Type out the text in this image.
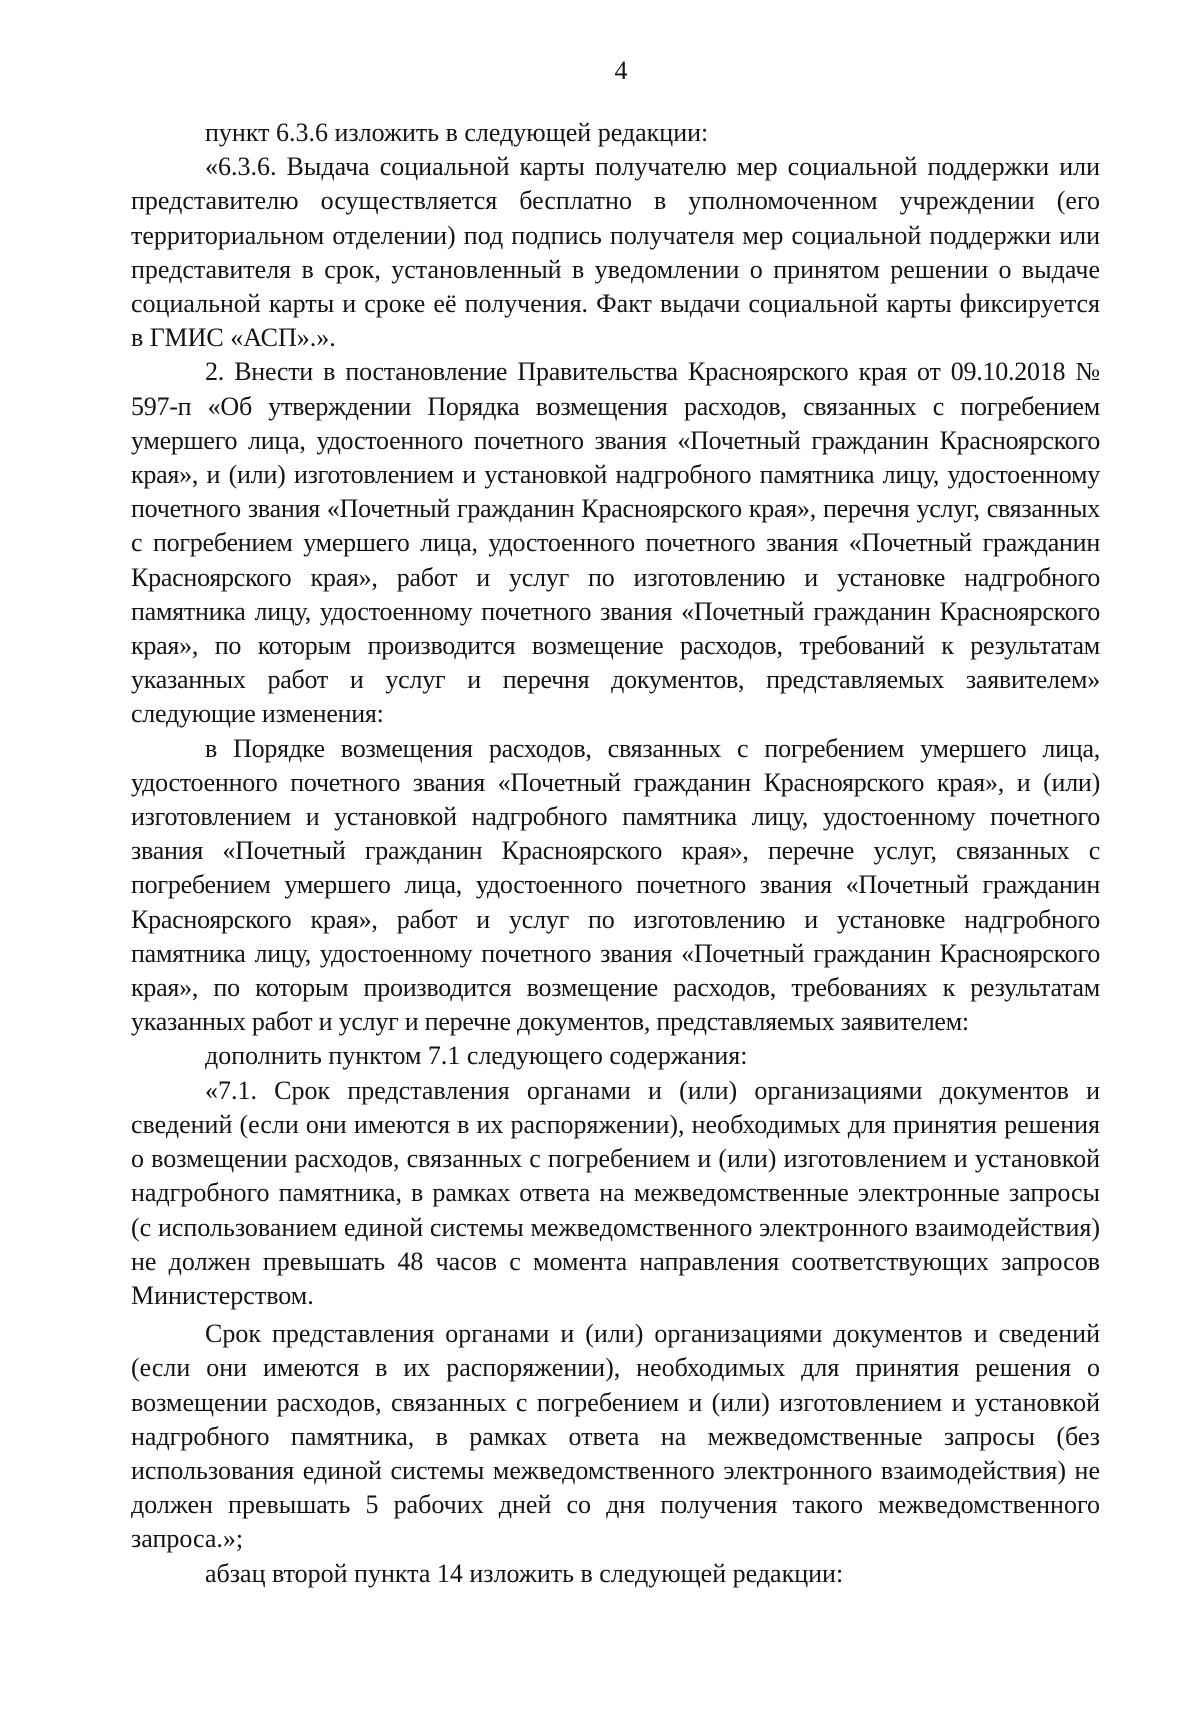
4

пункт 6.3.6 изложить в следующей редакции:

«6.3.6. Выдача социальной карты получателю мер социальной поддержки или представителю осуществляется бесплатно в уполномоченном учреждении (его территориальном отделении) под подпись получателя мер социальной поддержки или представителя в срок, установленный в уведомлении о принятом решении о выдаче социальной карты и сроке её получения. Факт выдачи социальной карты фиксируется в ГМИС «АСП».».

2. Внести в постановление Правительства Красноярского края от 09.10.2018 № 597-п «Об утверждении Порядка возмещения расходов, связанных с погребением умершего лица, удостоенного почетного звания «Почетный гражданин Красноярского края», и (или) изготовлением и установкой надгробного памятника лицу, удостоенному почетного звания «Почетный гражданин Красноярского края», перечня услуг, связанных с погребением умершего лица, удостоенного почетного звания «Почетный гражданин Красноярского края», работ и услуг по изготовлению и установке надгробного памятника лицу, удостоенному почетного звания «Почетный гражданин Красноярского края», по которым производится возмещение расходов, требований к результатам указанных работ и услуг и перечня документов, представляемых заявителем» следующие изменения:

в Порядке возмещения расходов, связанных с погребением умершего лица, удостоенного почетного звания «Почетный гражданин Красноярского края», и (или) изготовлением и установкой надгробного памятника лицу, удостоенному почетного звания «Почетный гражданин Красноярского края», перечне услуг, связанных с погребением умершего лица, удостоенного почетного звания «Почетный гражданин Красноярского края», работ и услуг по изготовлению и установке надгробного памятника лицу, удостоенному почетного звания «Почетный гражданин Красноярского края», по которым производится возмещение расходов, требованиях к результатам указанных работ и услуг и перечне документов, представляемых заявителем:

дополнить пунктом 7.1 следующего содержания:

«7.1. Срок представления органами и (или) организациями документов и сведений (если они имеются в их распоряжении), необходимых для принятия решения о возмещении расходов, связанных с погребением и (или) изготовлением и установкой надгробного памятника, в рамках ответа на межведомственные электронные запросы (с использованием единой системы межведомственного электронного взаимодействия) не должен превышать 48 часов с момента направления соответствующих запросов Министерством.

Срок представления органами и (или) организациями документов и сведений (если они имеются в их распоряжении), необходимых для принятия решения о возмещении расходов, связанных с погребением и (или) изготовлением и установкой надгробного памятника, в рамках ответа на межведомственные запросы (без использования единой системы межведомственного электронного взаимодействия) не должен превышать 5 рабочих дней со дня получения такого межведомственного запроса.»;

абзац второй пункта 14 изложить в следующей редакции:
